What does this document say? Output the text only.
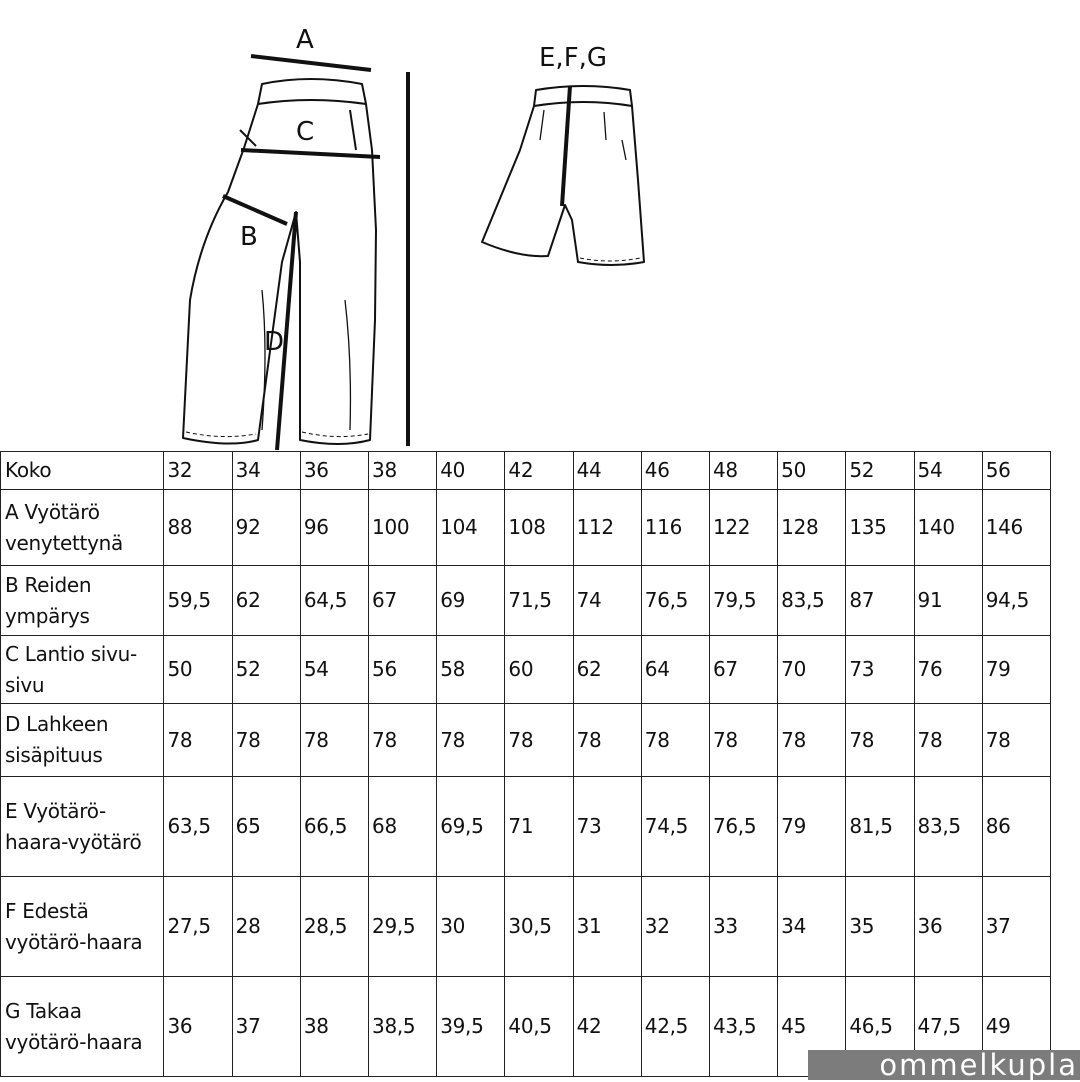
A
C
B
D
E,F,G
Koko	32	34	36	38	40	42	44	46	48	50	52	54	56
A Vyötärö venytettynä	88	92	96	100	104	108	112	116	122	128	135	140	146
B Reiden ympärys	59,5	62	64,5	67	69	71,5	74	76,5	79,5	83,5	87	91	94,5
C Lantio sivu-sivu	50	52	54	56	58	60	62	64	67	70	73	76	79
D Lahkeen sisäpituus	78	78	78	78	78	78	78	78	78	78	78	78	78
E Vyötärö-haara-vyötärö	63,5	65	66,5	68	69,5	71	73	74,5	76,5	79	81,5	83,5	86
F Edestä vyötärö-haara	27,5	28	28,5	29,5	30	30,5	31	32	33	34	35	36	37
G Takaa vyötärö-haara	36	37	38	38,5	39,5	40,5	42	42,5	43,5	45	46,5	47,5	49
ommelkupla
